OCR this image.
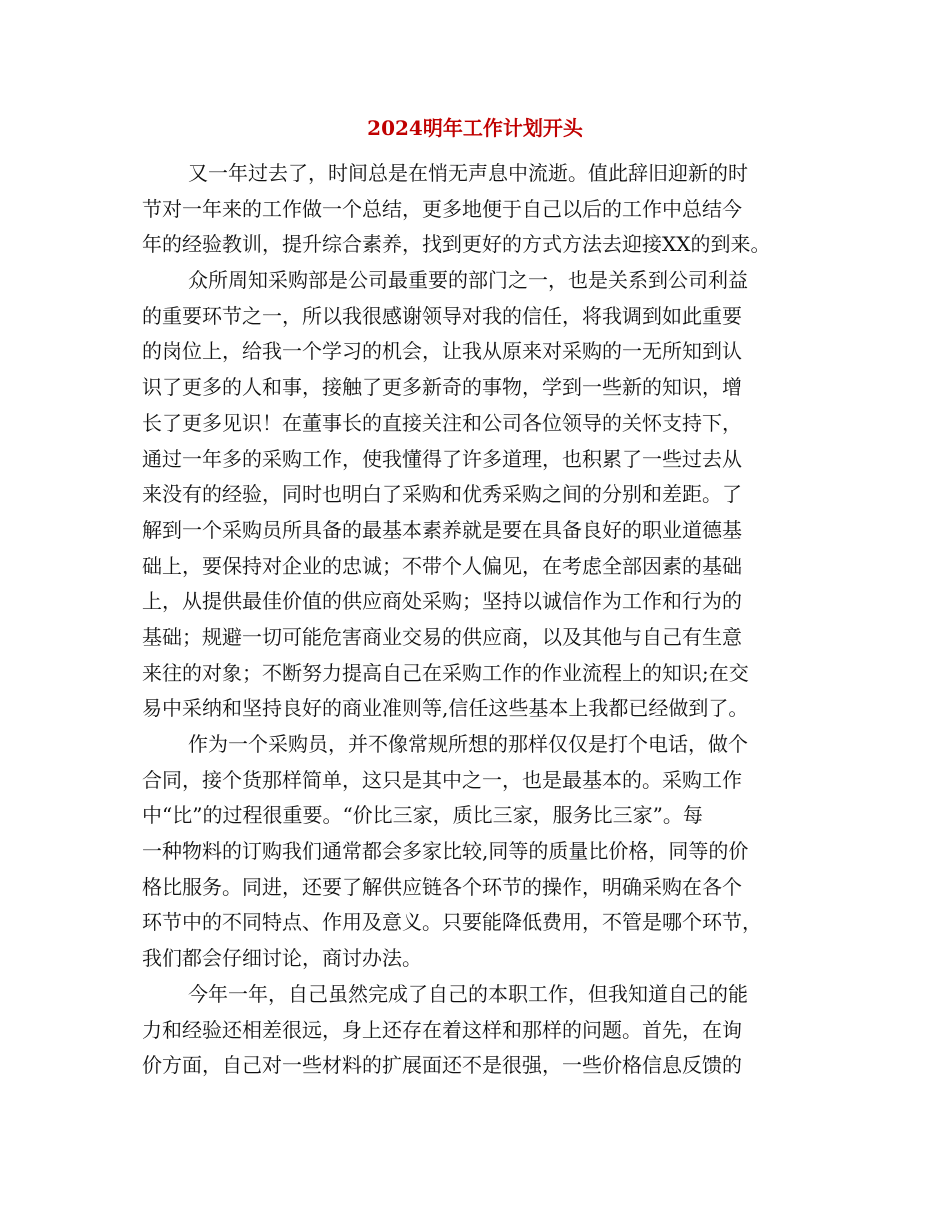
2024明年工作计划开头

又一年过去了，时间总是在悄无声息中流逝。值此辞旧迎新的时

节对一年来的工作做一个总结，更多地便于自己以后的工作中总结今

年的经验教训，提升综合素养，找到更好的方式方法去迎接XX的到来。

众所周知采购部是公司最重要的部门之一，也是关系到公司利益

的重要环节之一，所以我很感谢领导对我的信任，将我调到如此重要

的岗位上，给我一个学习的机会，让我从原来对采购的一无所知到认

识了更多的人和事，接触了更多新奇的事物，学到一些新的知识，增

长了更多见识！在董事长的直接关注和公司各位领导的关怀支持下，

通过一年多的采购工作，使我懂得了许多道理，也积累了一些过去从

来没有的经验，同时也明白了采购和优秀采购之间的分别和差距。了

解到一个采购员所具备的最基本素养就是要在具备良好的职业道德基

础上，要保持对企业的忠诚；不带个人偏见，在考虑全部因素的基础

上，从提供最佳价值的供应商处采购；坚持以诚信作为工作和行为的

基础；规避一切可能危害商业交易的供应商，以及其他与自己有生意

来往的对象；不断努力提高自己在采购工作的作业流程上的知识;在交

易中采纳和坚持良好的商业准则等,信任这些基本上我都已经做到了。

作为一个采购员，并不像常规所想的那样仅仅是打个电话，做个

合同，接个货那样简单，这只是其中之一，也是最基本的。采购工作

中“比”的过程很重要。“价比三家，质比三家，服务比三家”。每

一种物料的订购我们通常都会多家比较,同等的质量比价格，同等的价

格比服务。同进，还要了解供应链各个环节的操作，明确采购在各个

环节中的不同特点、作用及意义。只要能降低费用，不管是哪个环节，

我们都会仔细讨论，商讨办法。

今年一年，自己虽然完成了自己的本职工作，但我知道自己的能

力和经验还相差很远，身上还存在着这样和那样的问题。首先，在询

价方面，自己对一些材料的扩展面还不是很强，一些价格信息反馈的
